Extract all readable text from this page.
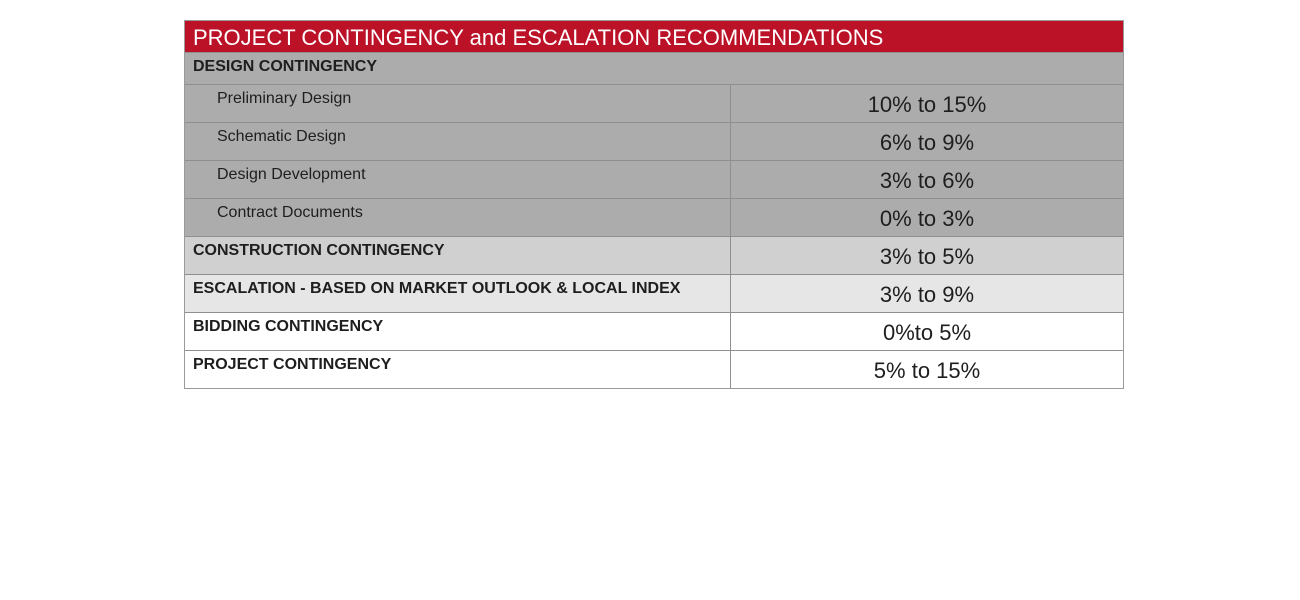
PROJECT CONTINGENCY and ESCALATION RECOMMENDATIONS
DESIGN CONTINGENCY
Preliminary Design	10% to 15%
Schematic Design	6% to 9%
Design Development	3% to 6%
Contract Documents	0% to 3%
CONSTRUCTION CONTINGENCY	3% to 5%
ESCALATION - BASED ON MARKET OUTLOOK & LOCAL INDEX	3% to 9%
BIDDING CONTINGENCY	0%to 5%
PROJECT CONTINGENCY	5% to 15%
